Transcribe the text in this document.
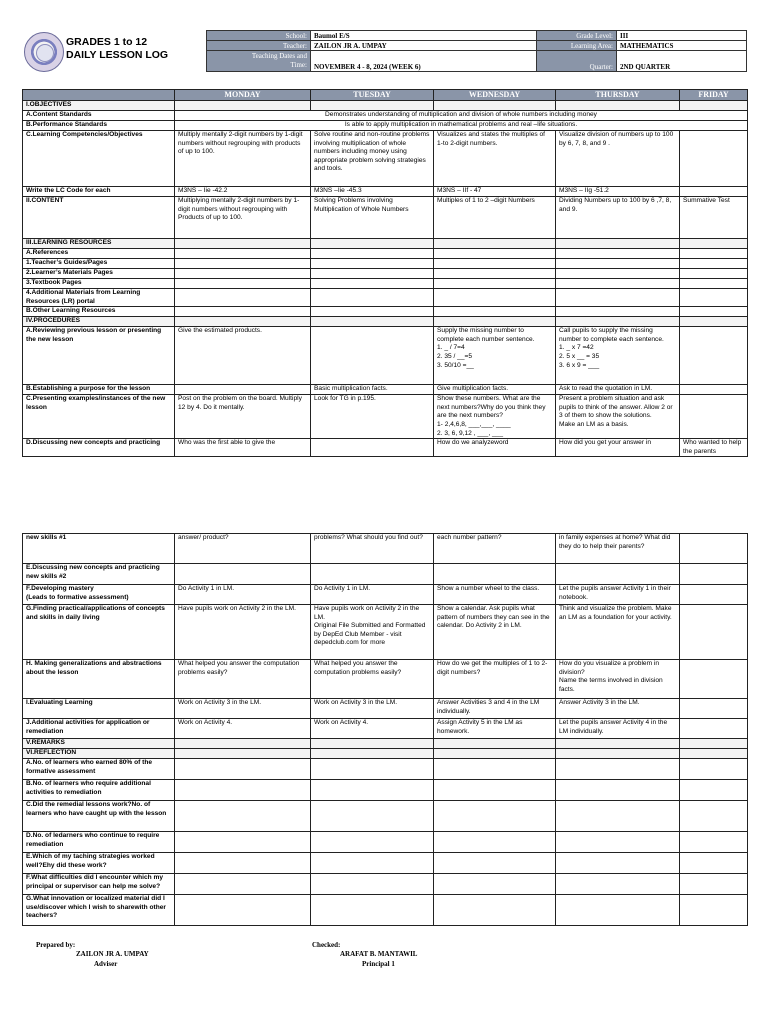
GRADES 1 to 12
DAILY LESSON LOG
School:	Baumol E/S	Grade Level:	III
Teacher:	ZAILON JR A. UMPAY	Learning Area:	MATHEMATICS
Teaching Dates and
Time:	NOVEMBER 4 - 8, 2024 (WEEK 6)	Quarter:	2ND QUARTER
	MONDAY	TUESDAY	WEDNESDAY	THURSDAY	FRIDAY
I.OBJECTIVES					
A.Content Standards	Demonstrates understanding of multiplication and division of whole numbers including money				
B.Performance Standards	Is able to apply multiplication in mathematical problems and real –life situations.				
C.Learning Competencies/Objectives	Multiply mentally 2-digit numbers by 1-digit numbers without regrouping with products of up to 100.	Solve routine and non-routine problems involving multiplication of whole numbers including money using appropriate problem solving strategies and tools.	Visualizes and states the multiples of 1-to 2-digit numbers.	Visualize division of numbers up to 100 by 6, 7, 8, and 9 .	
Write the LC Code for each	M3NS – Iie -42.2	M3NS –Iie -45.3	M3NS – IIf - 47	M3NS – IIg -51.2	
II.CONTENT	Multiplying mentally 2-digit numbers by 1-digit numbers without regrouping with Products of up to 100.	Solving Problems involving Multiplication of Whole Numbers	Multiples of 1 to 2 –digit Numbers	Dividing Numbers up to 100 by 6 ,7, 8, and 9.	Summative Test
III.LEARNING RESOURCES					
A.References					
1.Teacher’s Guides/Pages					
2.Learner’s Materials Pages					
3.Textbook Pages					
4.Additional Materials from Learning Resources (LR) portal					
B.Other Learning Resources					
IV.PROCEDURES					
A.Reviewing previous lesson or presenting the new lesson	Give the estimated products.		Supply the missing number to complete each number sentence.
1. _ / 7=4
2. 35 / __=5
3. 50/10 =__	Call pupils to supply the missing number to complete each sentence.
1. _ x 7 =42
2. 5 x __ = 35
3. 6 x 9 = ___	
B.Establishing a purpose for the lesson		Basic multiplication facts.	Give multiplication facts.	Ask to read the quotation in LM.	
C.Presenting examples/instances of the new lesson	Post on the problem on the board. Multiply 12 by 4. Do it mentally.	Look for TG in p.195.	Show these numbers. What are the next numbers?Why do you think they are the next numbers?
1- 2,4,6,8, ___,___, ____
2. 3, 6, 9,12 , ___, ___	Present a problem situation and ask pupils to think of the answer. Allow 2 or 3 of them to show the solutions.
Make an LM as a basis.	
D.Discussing new concepts and practicing	Who was the first able to give the		How do we analyzeword	How did you get your answer in	Who wanted to help the parents
new skills #1	answer/ product?	problems? What should you find out?	each number pattern?	in family expenses at home? What did they do to help their parents?	
E.Discussing new concepts and practicing new skills #2					
F.Developing mastery
(Leads to formative assessment)	Do Activity 1 in LM.	Do Activity 1 in LM.	Show a number wheel to the class.	Let the pupils answer Activity 1 in their notebook.	
G.Finding practical/applications of concepts and skills in daily living	Have pupils work on Activity 2 in the LM.	Have pupils work on Activity 2 in the LM.
Original File Submitted and Formatted by DepEd Club Member - visit depedclub.com for more	Show a calendar. Ask pupils what pattern of numbers they can see in the calendar. Do Activity 2 in LM.	Think and visualize the problem. Make an LM as a foundation for your activity.	
H. Making generalizations and abstractions about the lesson	What helped you answer the computation problems easily?	What helped you answer the computation problems easily?	How do we get the multiples of 1 to 2-digit numbers?	How do you visualize a problem in division?
Name the terms involved in division facts.	
I.Evaluating Learning	Work on Activity 3 in the LM.	Work on Activity 3 in the LM.	Answer Activities 3 and 4 in the LM individually.	Answer Activity 3 in the LM.	
J.Additional activities for application or remediation	Work on Activity 4.	Work on Activity 4.	Assign Activity 5 in the LM as homework.	Let the pupils answer Activity 4 in the LM individually.	
V.REMARKS					
VI.REFLECTION					
A.No. of learners who earned 80% of the formative assessment					
B.No. of learners who require additional activities to remediation					
C.Did the remedial lessons work?No. of learners who have caught up with the lesson					
D.No. of ledarners who continue to require remediation					
E.Which of my taching strategies worked well?Ehy did these work?					
F.What difficulties did I encounter which my principal or supervisor can help me solve?					
G.What innovation or localized material did I use/discover which I wish to sharewith other teachers?					
Prepared by:
ZAILON JR A. UMPAY
Adviser
Checked:
ARAFAT B. MANTAWIL
Principal 1
